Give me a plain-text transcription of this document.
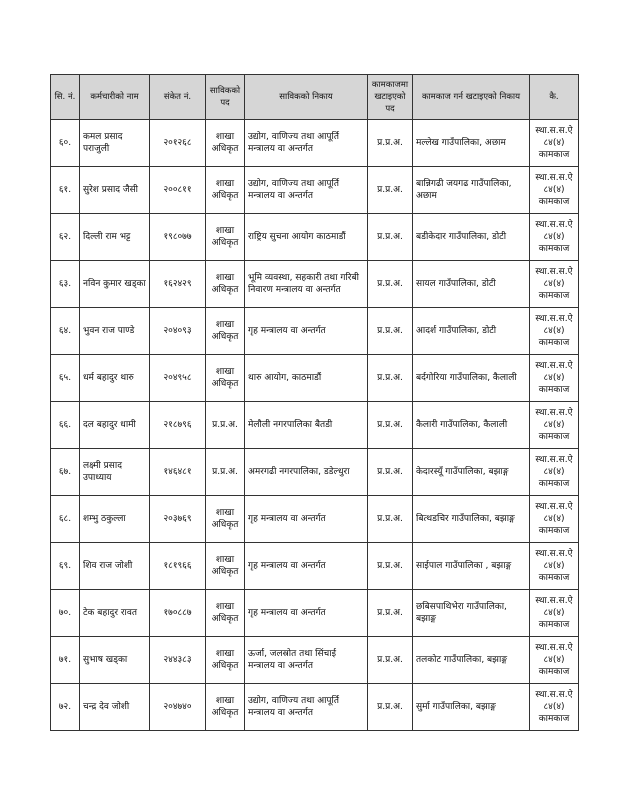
सि. नं.	कर्मचारीको नाम	संकेत नं.	साविकको पद	साविकको निकाय	कामकाजमा खटाइएको पद	कामकाज गर्न खटाइएको निकाय	कै.
६०.	कमल प्रसाद पराजुली	२०१२६८	शाखा अधिकृत	उद्योग, वाणिज्य तथा आपूर्ति मन्त्रालय वा अन्तर्गत	प्र.प्र.अ.	मल्लेख गाउँपालिका, अछाम	स्था.स.स.ऐ ८४(४) कामकाज
६१.	सुरेश प्रसाद जैसी	२००८११	शाखा अधिकृत	उद्योग, वाणिज्य तथा आपूर्ति मन्त्रालय वा अन्तर्गत	प्र.प्र.अ.	बान्निगढी जयगढ गाउँपालिका, अछाम	स्था.स.स.ऐ ८४(४) कामकाज
६२.	दिल्ली राम भट्ट	१९८०७७	शाखा अधिकृत	राष्ट्रिय सुचना आयोग काठमाडौं	प्र.प्र.अ.	बडीकेदार गाउँपालिका, डोटी	स्था.स.स.ऐ ८४(४) कामकाज
६३.	नविन कुमार खड्का	१६२४२९	शाखा अधिकृत	भूमि व्यवस्था, सहकारी तथा गरिबी निवारण मन्त्रालय वा अन्तर्गत	प्र.प्र.अ.	सायल गाउँपालिका, डोटी	स्था.स.स.ऐ ८४(४) कामकाज
६४.	भुवन राज पाण्डे	२०४०९३	शाखा अधिकृत	गृह मन्त्रालय वा अन्तर्गत	प्र.प्र.अ.	आदर्श गाउँपालिका, डोटी	स्था.स.स.ऐ ८४(४) कामकाज
६५.	धर्म बहादुर थारु	२०४९५८	शाखा अधिकृत	थारु आयोग, काठमाडौं	प्र.प्र.अ.	बर्दगोरिया गाउँपालिका, कैलाली	स्था.स.स.ऐ ८४(४) कामकाज
६६.	दल बहादुर धामी	२१८७९६	प्र.प्र.अ.	मेलौली नगरपालिका बैतडी	प्र.प्र.अ.	कैलारी गाउँपालिका, कैलाली	स्था.स.स.ऐ ८४(४) कामकाज
६७.	लक्ष्मी प्रसाद उपाध्याय	१४६४८१	प्र.प्र.अ.	अमरगढी नगरपालिका, डडेल्धुरा	प्र.प्र.अ.	केदारस्यूँ गाउँपालिका, बझाङ्ग	स्था.स.स.ऐ ८४(४) कामकाज
६८.	शम्भु ठकुल्ला	२०३७६९	शाखा अधिकृत	गृह मन्त्रालय वा अन्तर्गत	प्र.प्र.अ.	बित्थडचिर गाउँपालिका, बझाङ्ग	स्था.स.स.ऐ ८४(४) कामकाज
६९.	शिव राज जोशी	१८१९६६	शाखा अधिकृत	गृह मन्त्रालय वा अन्तर्गत	प्र.प्र.अ.	साईपाल गाउँपालिका , बझाङ्ग	स्था.स.स.ऐ ८४(४) कामकाज
७०.	टेक बहादुर रावत	१७०८८७	शाखा अधिकृत	गृह मन्त्रालय वा अन्तर्गत	प्र.प्र.अ.	छबिसपाथिभेरा गाउँपालिका, बझाङ्ग	स्था.स.स.ऐ ८४(४) कामकाज
७१.	सुभाष खड्का	२४४३८३	शाखा अधिकृत	ऊर्जा, जलस्रोत तथा सिंचाई मन्त्रालय वा अन्तर्गत	प्र.प्र.अ.	तलकोट गाउँपालिका, बझाङ्ग	स्था.स.स.ऐ ८४(४) कामकाज
७२.	चन्द्र देव जोशी	२०४७४०	शाखा अधिकृत	उद्योग, वाणिज्य तथा आपूर्ति मन्त्रालय वा अन्तर्गत	प्र.प्र.अ.	सुर्मा गाउँपालिका, बझाङ्ग	स्था.स.स.ऐ ८४(४) कामकाज
